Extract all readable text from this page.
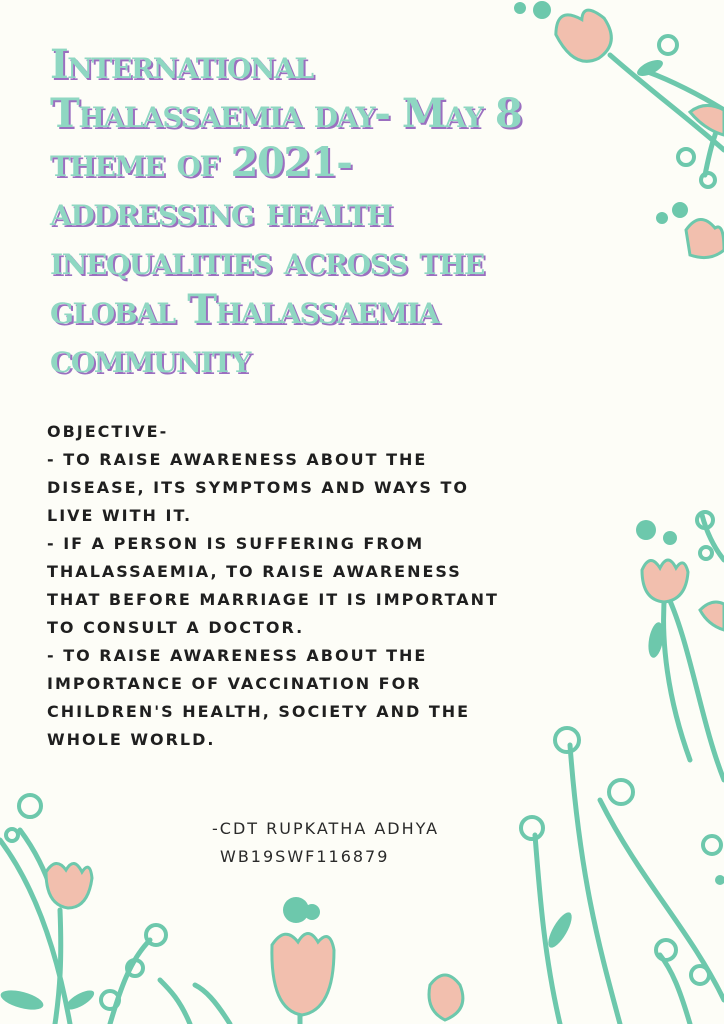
International
Thalassaemia day- May 8
theme of 2021-
addressing health
inequalities across the
global Thalassaemia
community
OBJECTIVE-
- TO RAISE AWARENESS ABOUT THE
DISEASE, ITS SYMPTOMS AND WAYS TO
LIVE WITH IT.
- IF A PERSON IS SUFFERING FROM
THALASSAEMIA, TO RAISE AWARENESS
THAT BEFORE MARRIAGE IT IS IMPORTANT
TO CONSULT A DOCTOR.
- TO RAISE AWARENESS ABOUT THE
IMPORTANCE OF VACCINATION FOR
CHILDREN'S HEALTH, SOCIETY AND THE
WHOLE WORLD.
-CDT RUPKATHA ADHYA
WB19SWF116879
